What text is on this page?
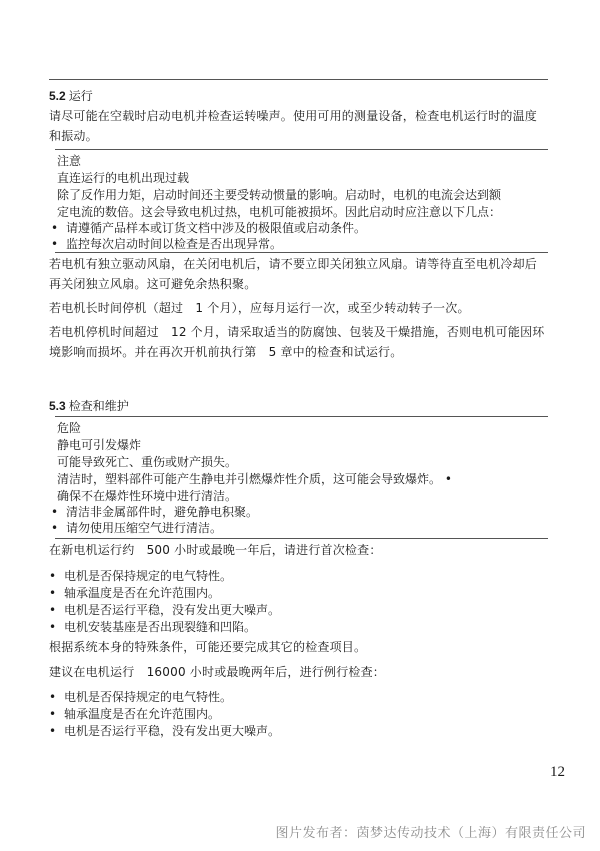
5.2 运行
请尽可能在空载时启动电机并检查运转噪声。使用可用的测量设备，检查电机运行时的温度和振动。
注意
直连运行的电机出现过载
除了反作用力矩，启动时间还主要受转动惯量的影响。启动时，电机的电流会达到额
定电流的数倍。这会导致电机过热，电机可能被损坏。因此启动时应注意以下几点：
• 请遵循产品样本或订货文档中涉及的极限值或启动条件。
• 监控每次启动时间以检查是否出现异常。
若电机有独立驱动风扇，在关闭电机后，请不要立即关闭独立风扇。请等待直至电机冷却后再关闭独立风扇。这可避免余热积聚。
若电机长时间停机（超过　1 个月），应每月运行一次，或至少转动转子一次。
若电机停机时间超过　12 个月，请采取适当的防腐蚀、包装及干燥措施，否则电机可能因环境影响而损坏。并在再次开机前执行第　5 章中的检查和试运行。
5.3 检查和维护
危险
静电可引发爆炸
可能导致死亡、重伤或财产损失。
清洁时，塑料部件可能产生静电并引燃爆炸性介质，这可能会导致爆炸。 •
确保不在爆炸性环境中进行清洁。
• 清洁非金属部件时，避免静电积聚。
• 请勿使用压缩空气进行清洁。
在新电机运行约　500 小时或最晚一年后，请进行首次检查：
• 电机是否保持规定的电气特性。
• 轴承温度是否在允许范围内。
• 电机是否运行平稳，没有发出更大噪声。
• 电机安装基座是否出现裂缝和凹陷。
根据系统本身的特殊条件，可能还要完成其它的检查项目。
建议在电机运行　16000 小时或最晚两年后，进行例行检查：
• 电机是否保持规定的电气特性。
• 轴承温度是否在允许范围内。
• 电机是否运行平稳，没有发出更大噪声。
12
图片发布者：茵梦达传动技术（上海）有限责任公司
